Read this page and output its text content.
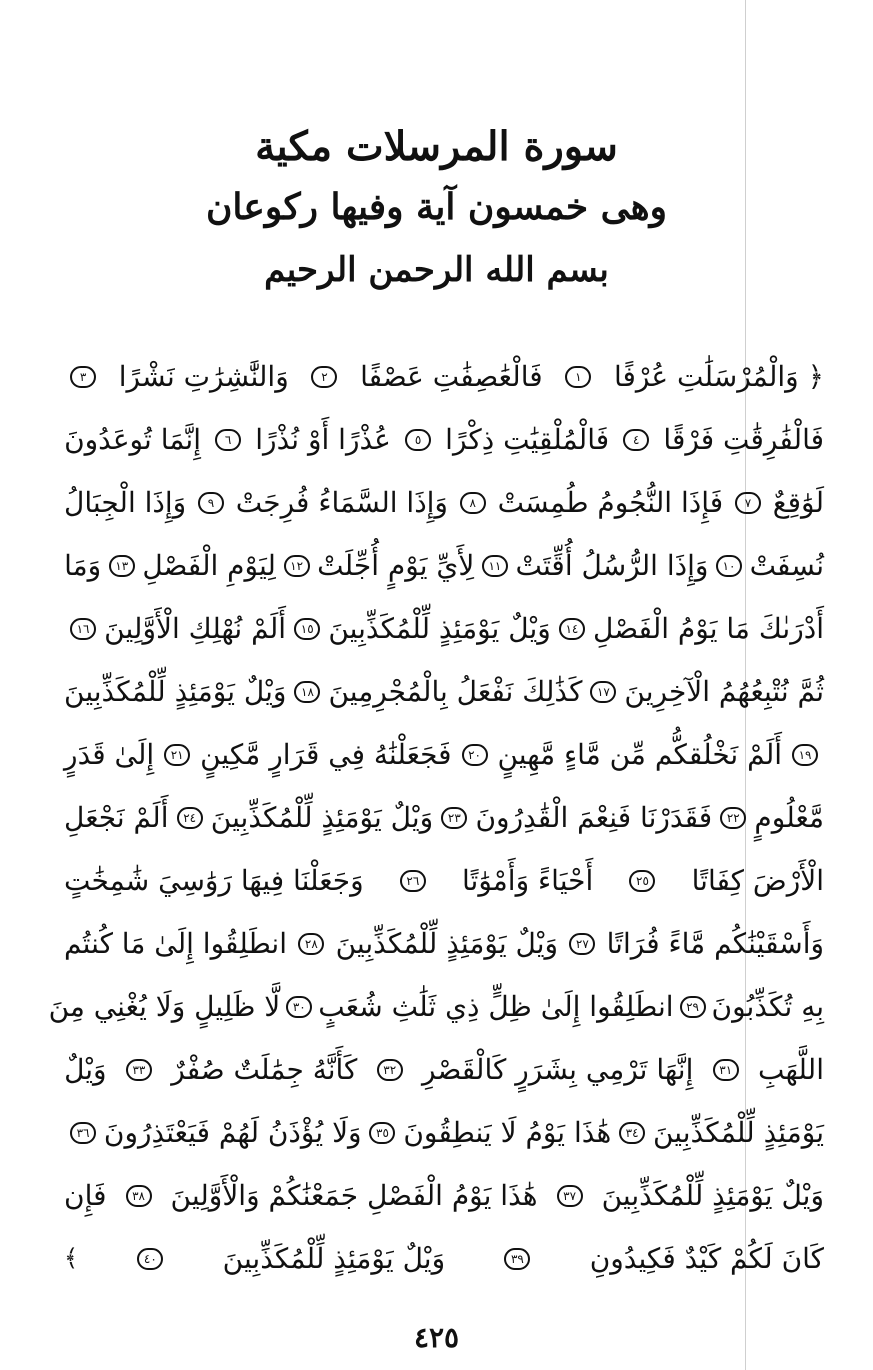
سورة المرسلات مكية
وهى خمسون آية وفيها ركوعان
بسم الله الرحمن الرحيم
﴿ وَالْمُرْسَلَٰتِ عُرْفًا
١
فَالْعَٰصِفَٰتِ عَصْفًا
٢
وَالنَّٰشِرَٰتِ نَشْرًا
٣
فَالْفَٰرِقَٰتِ فَرْقًا
٤
فَالْمُلْقِيَٰتِ ذِكْرًا
٥
عُذْرًا أَوْ نُذْرًا
٦
إِنَّمَا تُوعَدُونَ
لَوَٰقِعٌ
٧
فَإِذَا النُّجُومُ طُمِسَتْ
٨
وَإِذَا السَّمَاءُ فُرِجَتْ
٩
وَإِذَا الْجِبَالُ
نُسِفَتْ
١٠
وَإِذَا الرُّسُلُ أُقِّتَتْ
١١
لِأَيِّ يَوْمٍ أُجِّلَتْ
١٢
لِيَوْمِ الْفَصْلِ
١٣
وَمَا
أَدْرَىٰكَ مَا يَوْمُ الْفَصْلِ
١٤
وَيْلٌ يَوْمَئِذٍ لِّلْمُكَذِّبِينَ
١٥
أَلَمْ نُهْلِكِ الْأَوَّلِينَ
١٦
ثُمَّ نُتْبِعُهُمُ الْآخِرِينَ
١٧
كَذَٰلِكَ نَفْعَلُ بِالْمُجْرِمِينَ
١٨
وَيْلٌ يَوْمَئِذٍ لِّلْمُكَذِّبِينَ
١٩
أَلَمْ نَخْلُقكُّم مِّن مَّاءٍ مَّهِينٍ
٢٠
فَجَعَلْنَٰهُ فِي قَرَارٍ مَّكِينٍ
٢١
إِلَىٰ قَدَرٍ
مَّعْلُومٍ
٢٢
فَقَدَرْنَا فَنِعْمَ الْقَٰدِرُونَ
٢٣
وَيْلٌ يَوْمَئِذٍ لِّلْمُكَذِّبِينَ
٢٤
أَلَمْ نَجْعَلِ
الْأَرْضَ كِفَاتًا
٢٥
أَحْيَاءً وَأَمْوَٰتًا
٢٦
وَجَعَلْنَا فِيهَا رَوَٰسِيَ شَٰمِخَٰتٍ
وَأَسْقَيْنَٰكُم مَّاءً فُرَاتًا
٢٧
وَيْلٌ يَوْمَئِذٍ لِّلْمُكَذِّبِينَ
٢٨
انطَلِقُوا إِلَىٰ مَا كُنتُم
بِهِ تُكَذِّبُونَ
٢٩
انطَلِقُوا إِلَىٰ ظِلٍّ ذِي ثَلَٰثِ شُعَبٍ
٣٠
لَّا ظَلِيلٍ وَلَا يُغْنِي مِنَ
اللَّهَبِ
٣١
إِنَّهَا تَرْمِي بِشَرَرٍ كَالْقَصْرِ
٣٢
كَأَنَّهُ جِمَٰلَتٌ صُفْرٌ
٣٣
وَيْلٌ
يَوْمَئِذٍ لِّلْمُكَذِّبِينَ
٣٤
هَٰذَا يَوْمُ لَا يَنطِقُونَ
٣٥
وَلَا يُؤْذَنُ لَهُمْ فَيَعْتَذِرُونَ
٣٦
وَيْلٌ يَوْمَئِذٍ لِّلْمُكَذِّبِينَ
٣٧
هَٰذَا يَوْمُ الْفَصْلِ جَمَعْنَٰكُمْ وَالْأَوَّلِينَ
٣٨
فَإِن
كَانَ لَكُمْ كَيْدٌ فَكِيدُونِ
٣٩
وَيْلٌ يَوْمَئِذٍ لِّلْمُكَذِّبِينَ
٤٠
﴾
٤٢٥
